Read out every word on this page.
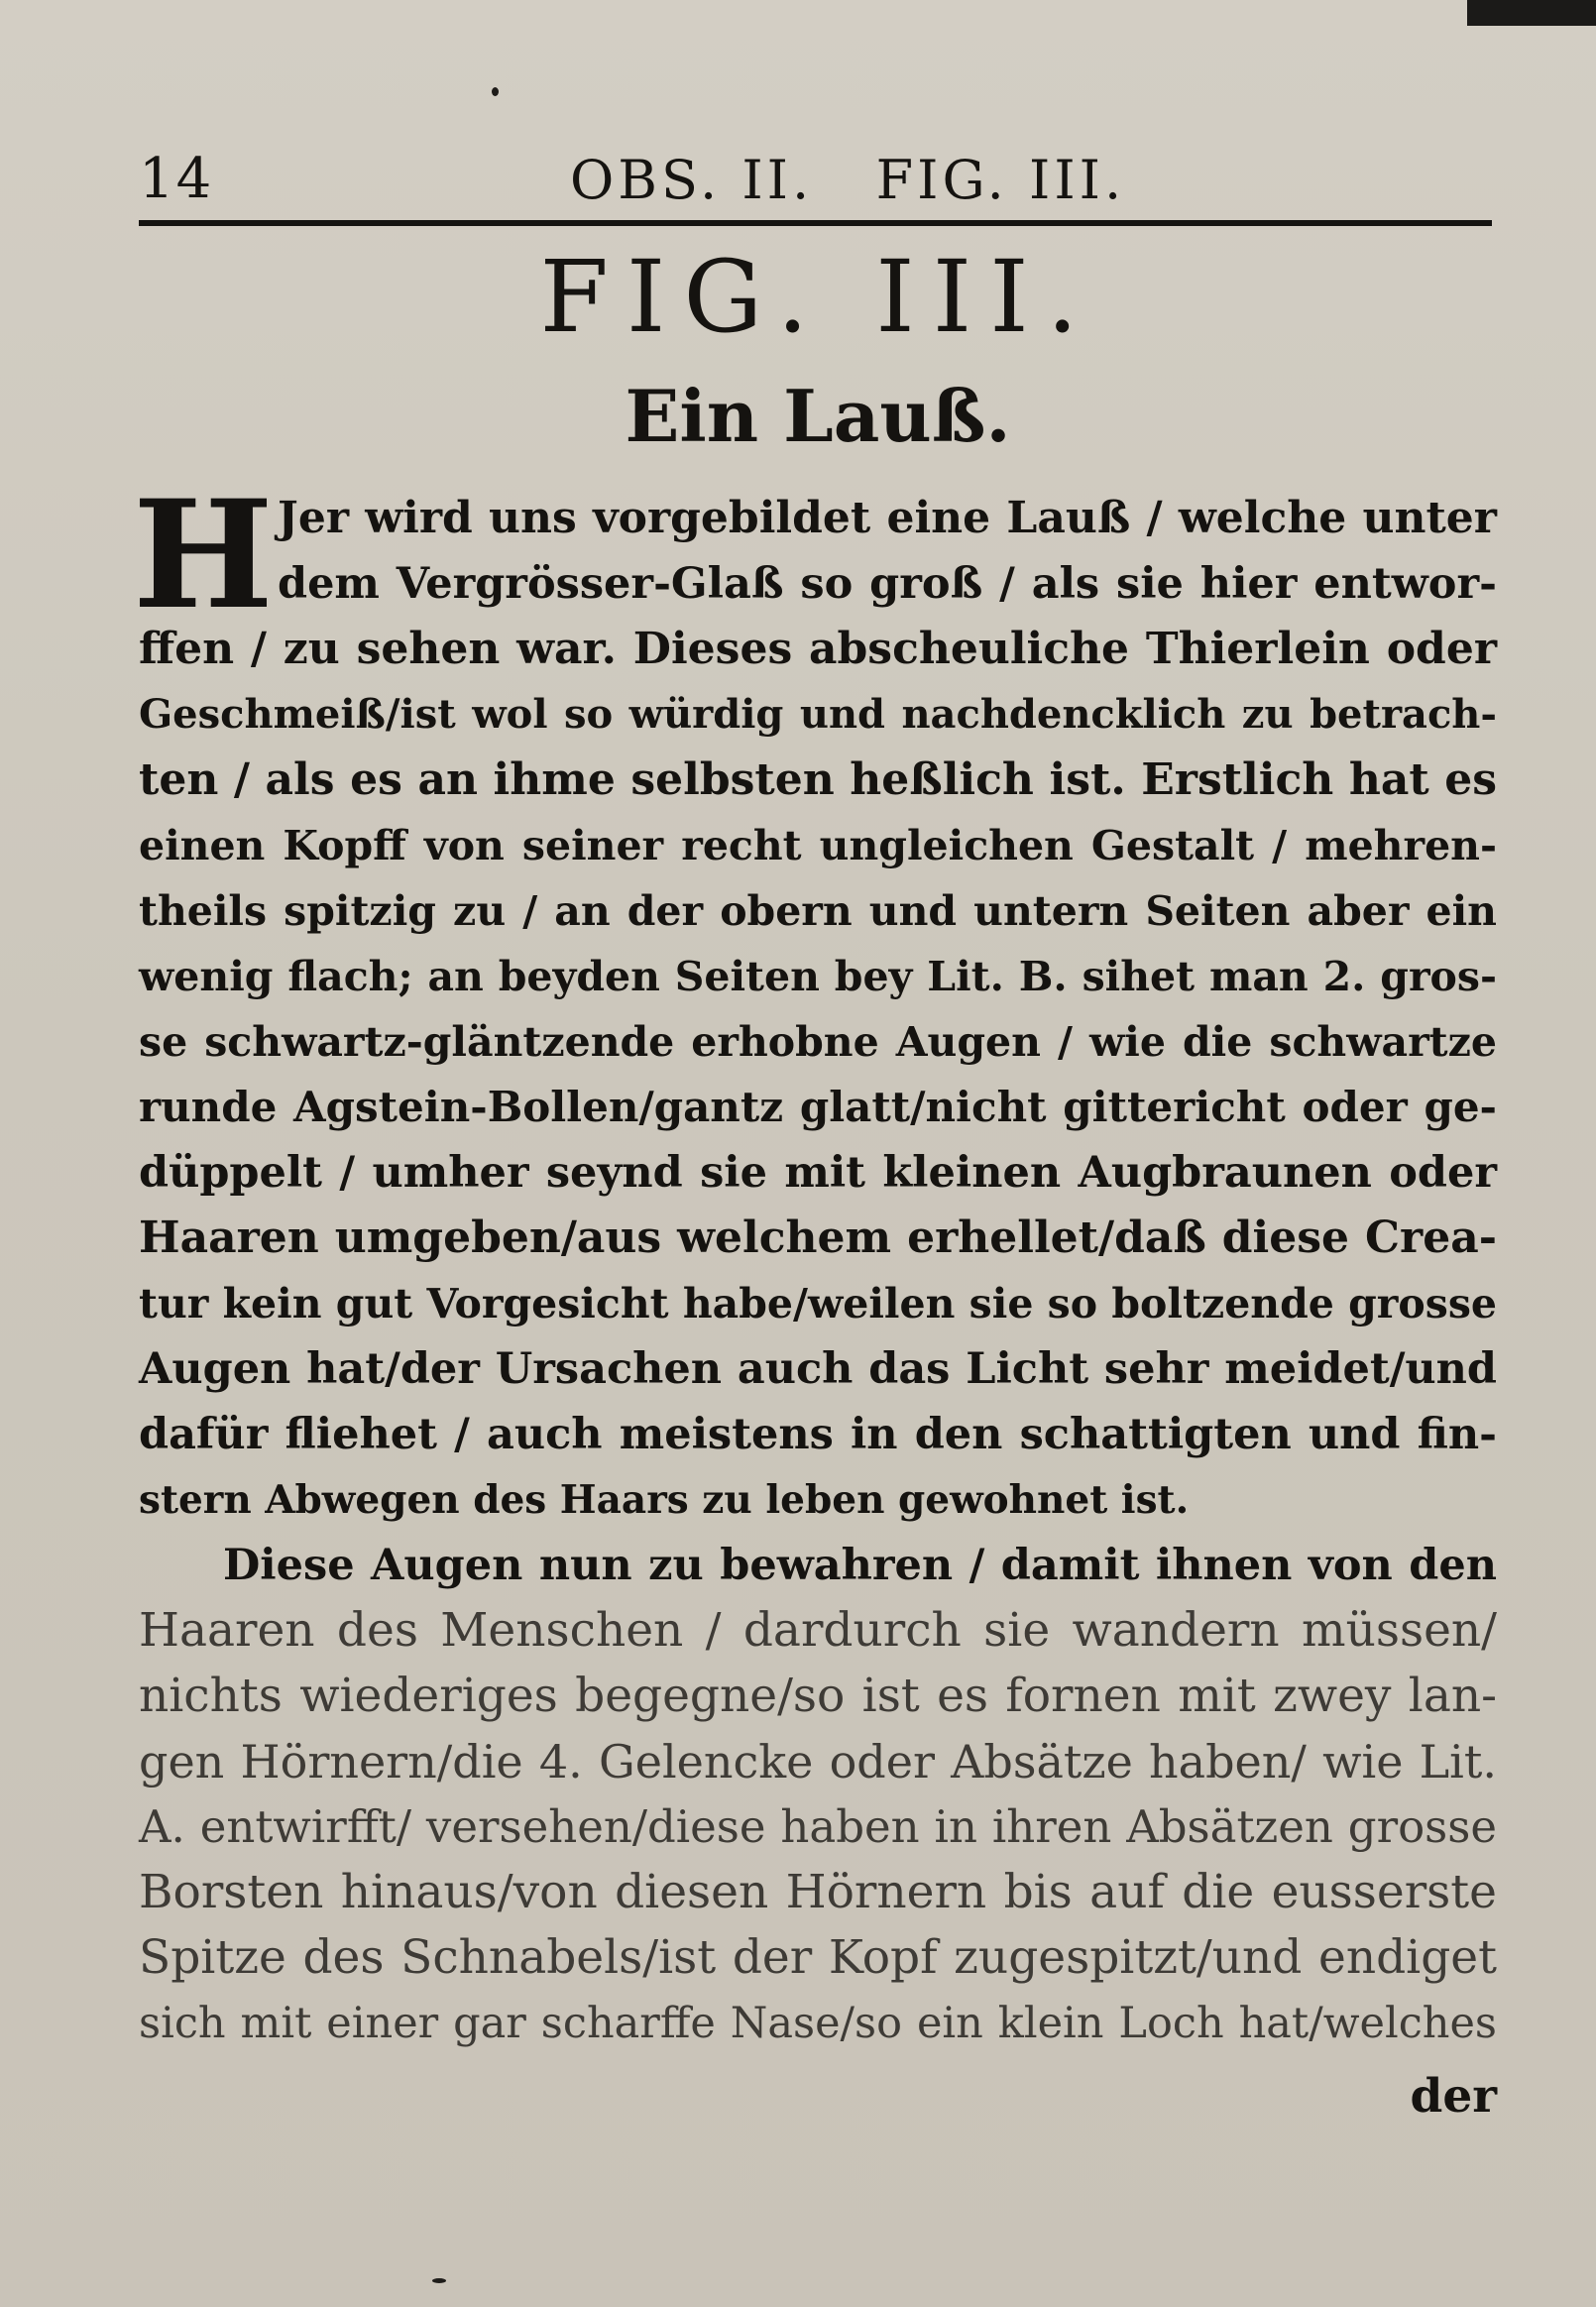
14	OBS. II.   FIG. III.
FIG. III.
Ein Lauß.
H Jer wird uns vorgebildet eine Lauß / welche unter
dem Vergrösser-Glaß so groß / als sie hier entwor-
ffen / zu sehen war. Dieses abscheuliche Thierlein oder
Geschmeiß/ist wol so würdig und nachdencklich zu betrach-
ten / als es an ihme selbsten heßlich ist. Erstlich hat es
einen Kopff von seiner recht ungleichen Gestalt / mehren-
theils spitzig zu / an der obern und untern Seiten aber ein
wenig flach; an beyden Seiten bey Lit. B. sihet man 2. gros-
se schwartz-gläntzende erhobne Augen / wie die schwartze
runde Agstein-Bollen/gantz glatt/nicht gittericht oder ge-
düppelt / umher seynd sie mit kleinen Augbraunen oder
Haaren umgeben/aus welchem erhellet/daß diese Crea-
tur kein gut Vorgesicht habe/weilen sie so boltzende grosse
Augen hat/der Ursachen auch das Licht sehr meidet/und
dafür fliehet / auch meistens in den schattigten und fin-
stern Abwegen des Haars zu leben gewohnet ist.
Diese Augen nun zu bewahren / damit ihnen von den
Haaren des Menschen / dardurch sie wandern müssen/
nichts wiederiges begegne/so ist es fornen mit zwey lan-
gen Hörnern/die 4. Gelencke oder Absätze haben/ wie Lit.
A. entwirfft/ versehen/diese haben in ihren Absätzen grosse
Borsten hinaus/von diesen Hörnern bis auf die eusserste
Spitze des Schnabels/ist der Kopf zugespitzt/und endiget
sich mit einer gar scharffe Nase/so ein klein Loch hat/welches
der
